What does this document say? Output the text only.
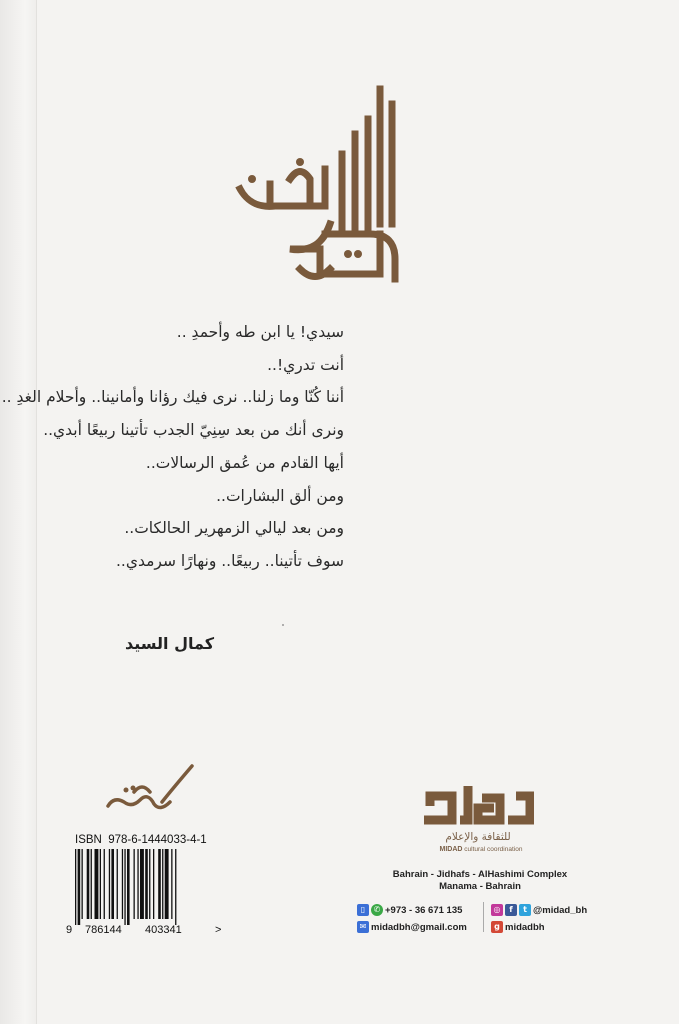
سيدي! يا ابن طه وأحمدِ ..
أنت تدري!..
أننا كُنّا وما زلنا.. نرى فيك رؤانا وأمانينا.. وأحلام الغدِ ..
ونرى أنك من بعد سِنِيّ الجدب تأتينا ربيعًا أبدي..
أيها القادم من عُمق الرسالات..
ومن ألق البشارات..
ومن بعد ليالي الزمهرير الحالكات..
سوف تأتينا.. ربيعًا.. ونهارًا سرمدي..
كمال السيد
ISBN 978-6-1444033-4-1
9 786144 403341	>
للثقافة والإعلام
MIDAD cultural coordination
Bahrain - Jidhafs - AlHashimi Complex
Manama - Bahrain
▯	✆ +973 - 36 671 135
✉ midadbh@gmail.com
◎	f	t @midad_bh
g midadbh
